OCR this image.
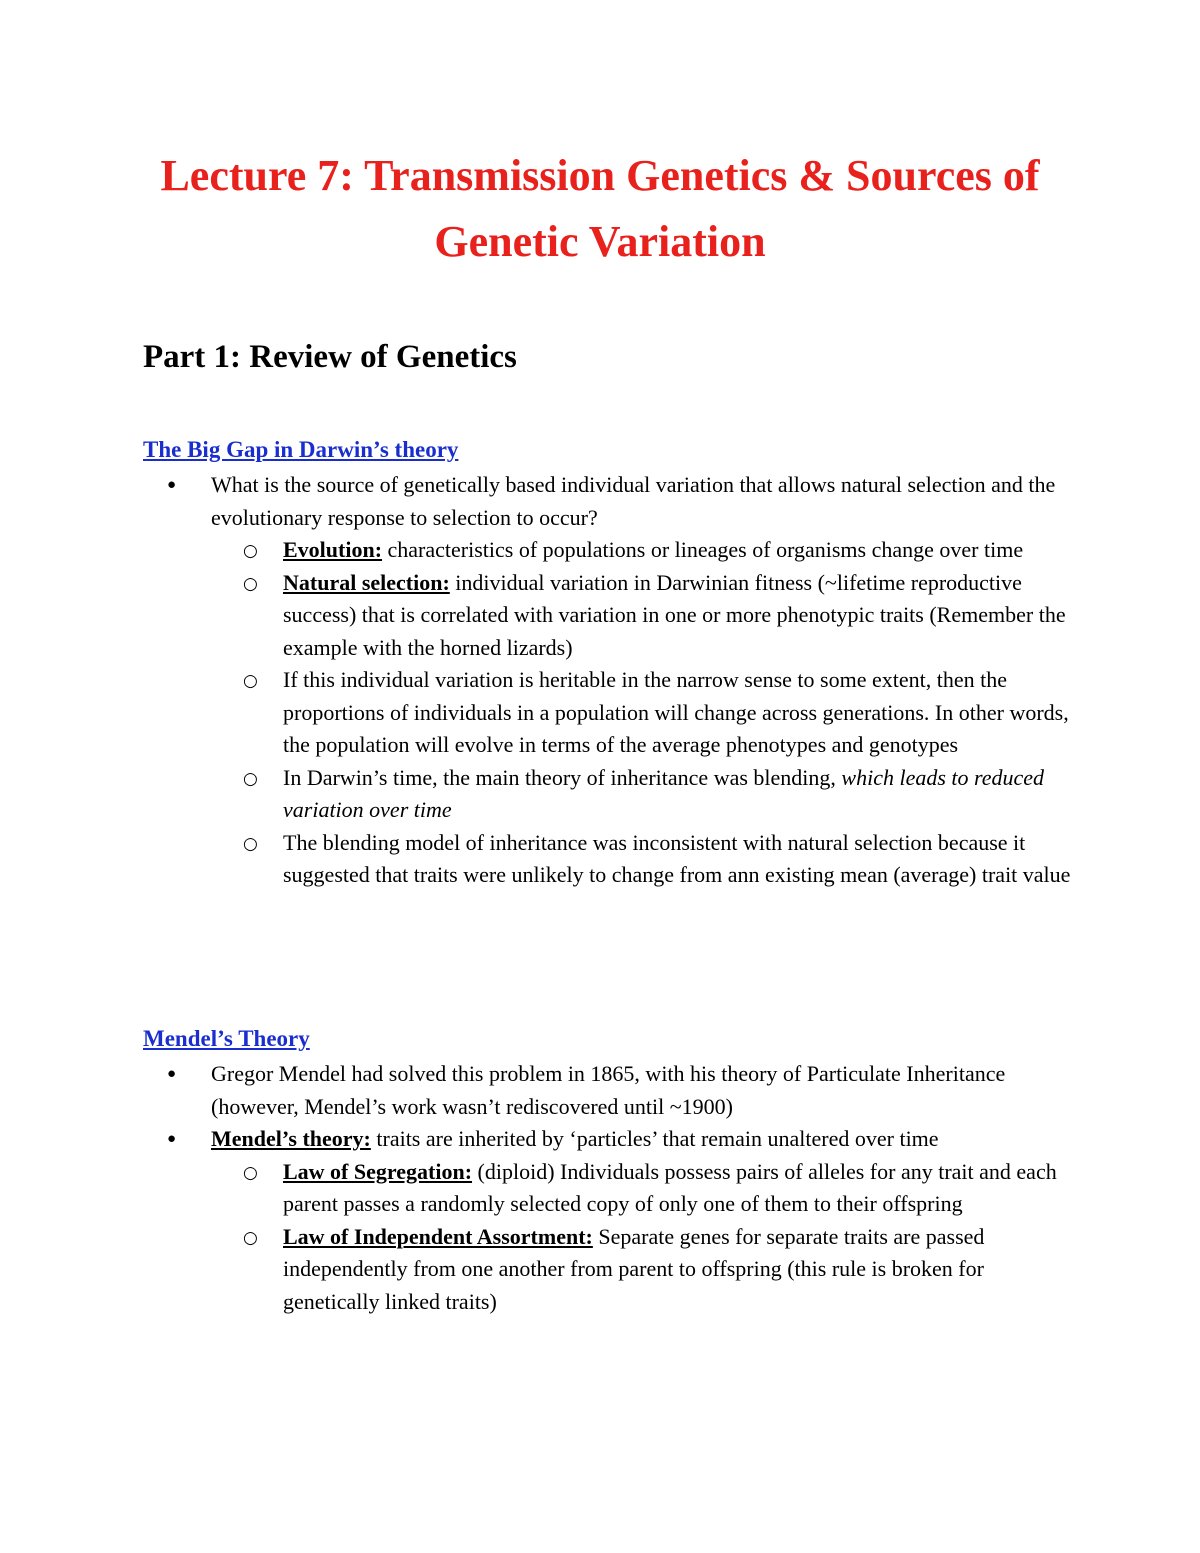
Lecture 7: Transmission Genetics & Sources of Genetic Variation
Part 1: Review of Genetics
The Big Gap in Darwin’s theory
● What is the source of genetically based individual variation that allows natural selection and the evolutionary response to selection to occur?
○ Evolution: characteristics of populations or lineages of organisms change over time
○ Natural selection: individual variation in Darwinian fitness (~lifetime reproductive success) that is correlated with variation in one or more phenotypic traits (Remember the example with the horned lizards)
○ If this individual variation is heritable in the narrow sense to some extent, then the proportions of individuals in a population will change across generations. In other words, the population will evolve in terms of the average phenotypes and genotypes
○ In Darwin’s time, the main theory of inheritance was blending, which leads to reduced variation over time
○ The blending model of inheritance was inconsistent with natural selection because it suggested that traits were unlikely to change from ann existing mean (average) trait value
Mendel’s Theory
● Gregor Mendel had solved this problem in 1865, with his theory of Particulate Inheritance (however, Mendel’s work wasn’t rediscovered until ~1900)
● Mendel’s theory: traits are inherited by ‘particles’ that remain unaltered over time
○ Law of Segregation: (diploid) Individuals possess pairs of alleles for any trait and each parent passes a randomly selected copy of only one of them to their offspring
○ Law of Independent Assortment: Separate genes for separate traits are passed independently from one another from parent to offspring (this rule is broken for genetically linked traits)
